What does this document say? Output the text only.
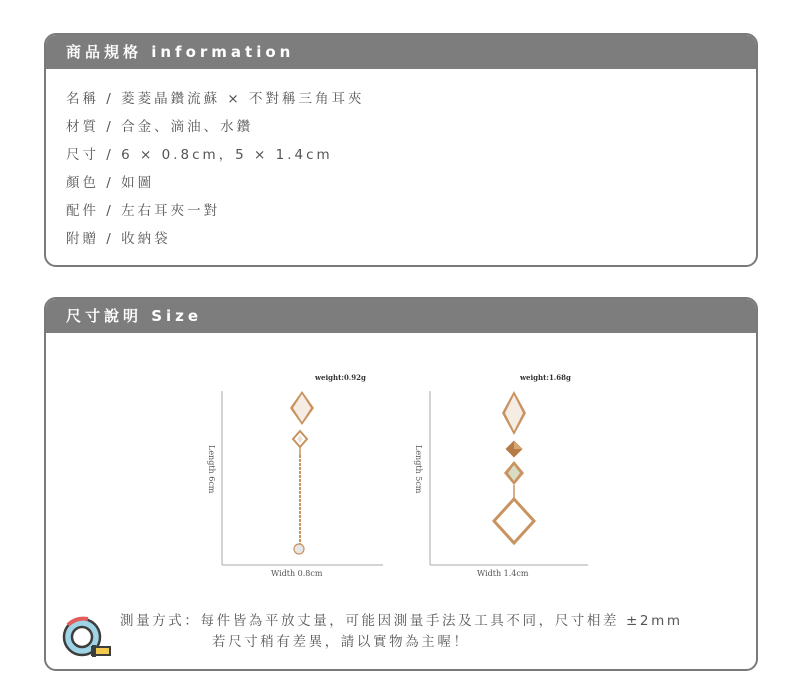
商品規格 information
名稱 / 菱菱晶鑽流蘇 × 不對稱三角耳夾
材質 / 合金、滴油、水鑽
尺寸 / 6 × 0.8cm，5 × 1.4cm
顏色 / 如圖
配件 / 左右耳夾一對
附贈 / 收納袋
尺寸說明 Size
weight:0.92g
Length 6cm
Width 0.8cm
weight:1.68g
Length 5cm
Width 1.4cm
測量方式：每件皆為平放丈量，可能因測量手法及工具不同，尺寸相差 ±2mm
若尺寸稍有差異，請以實物為主喔！
